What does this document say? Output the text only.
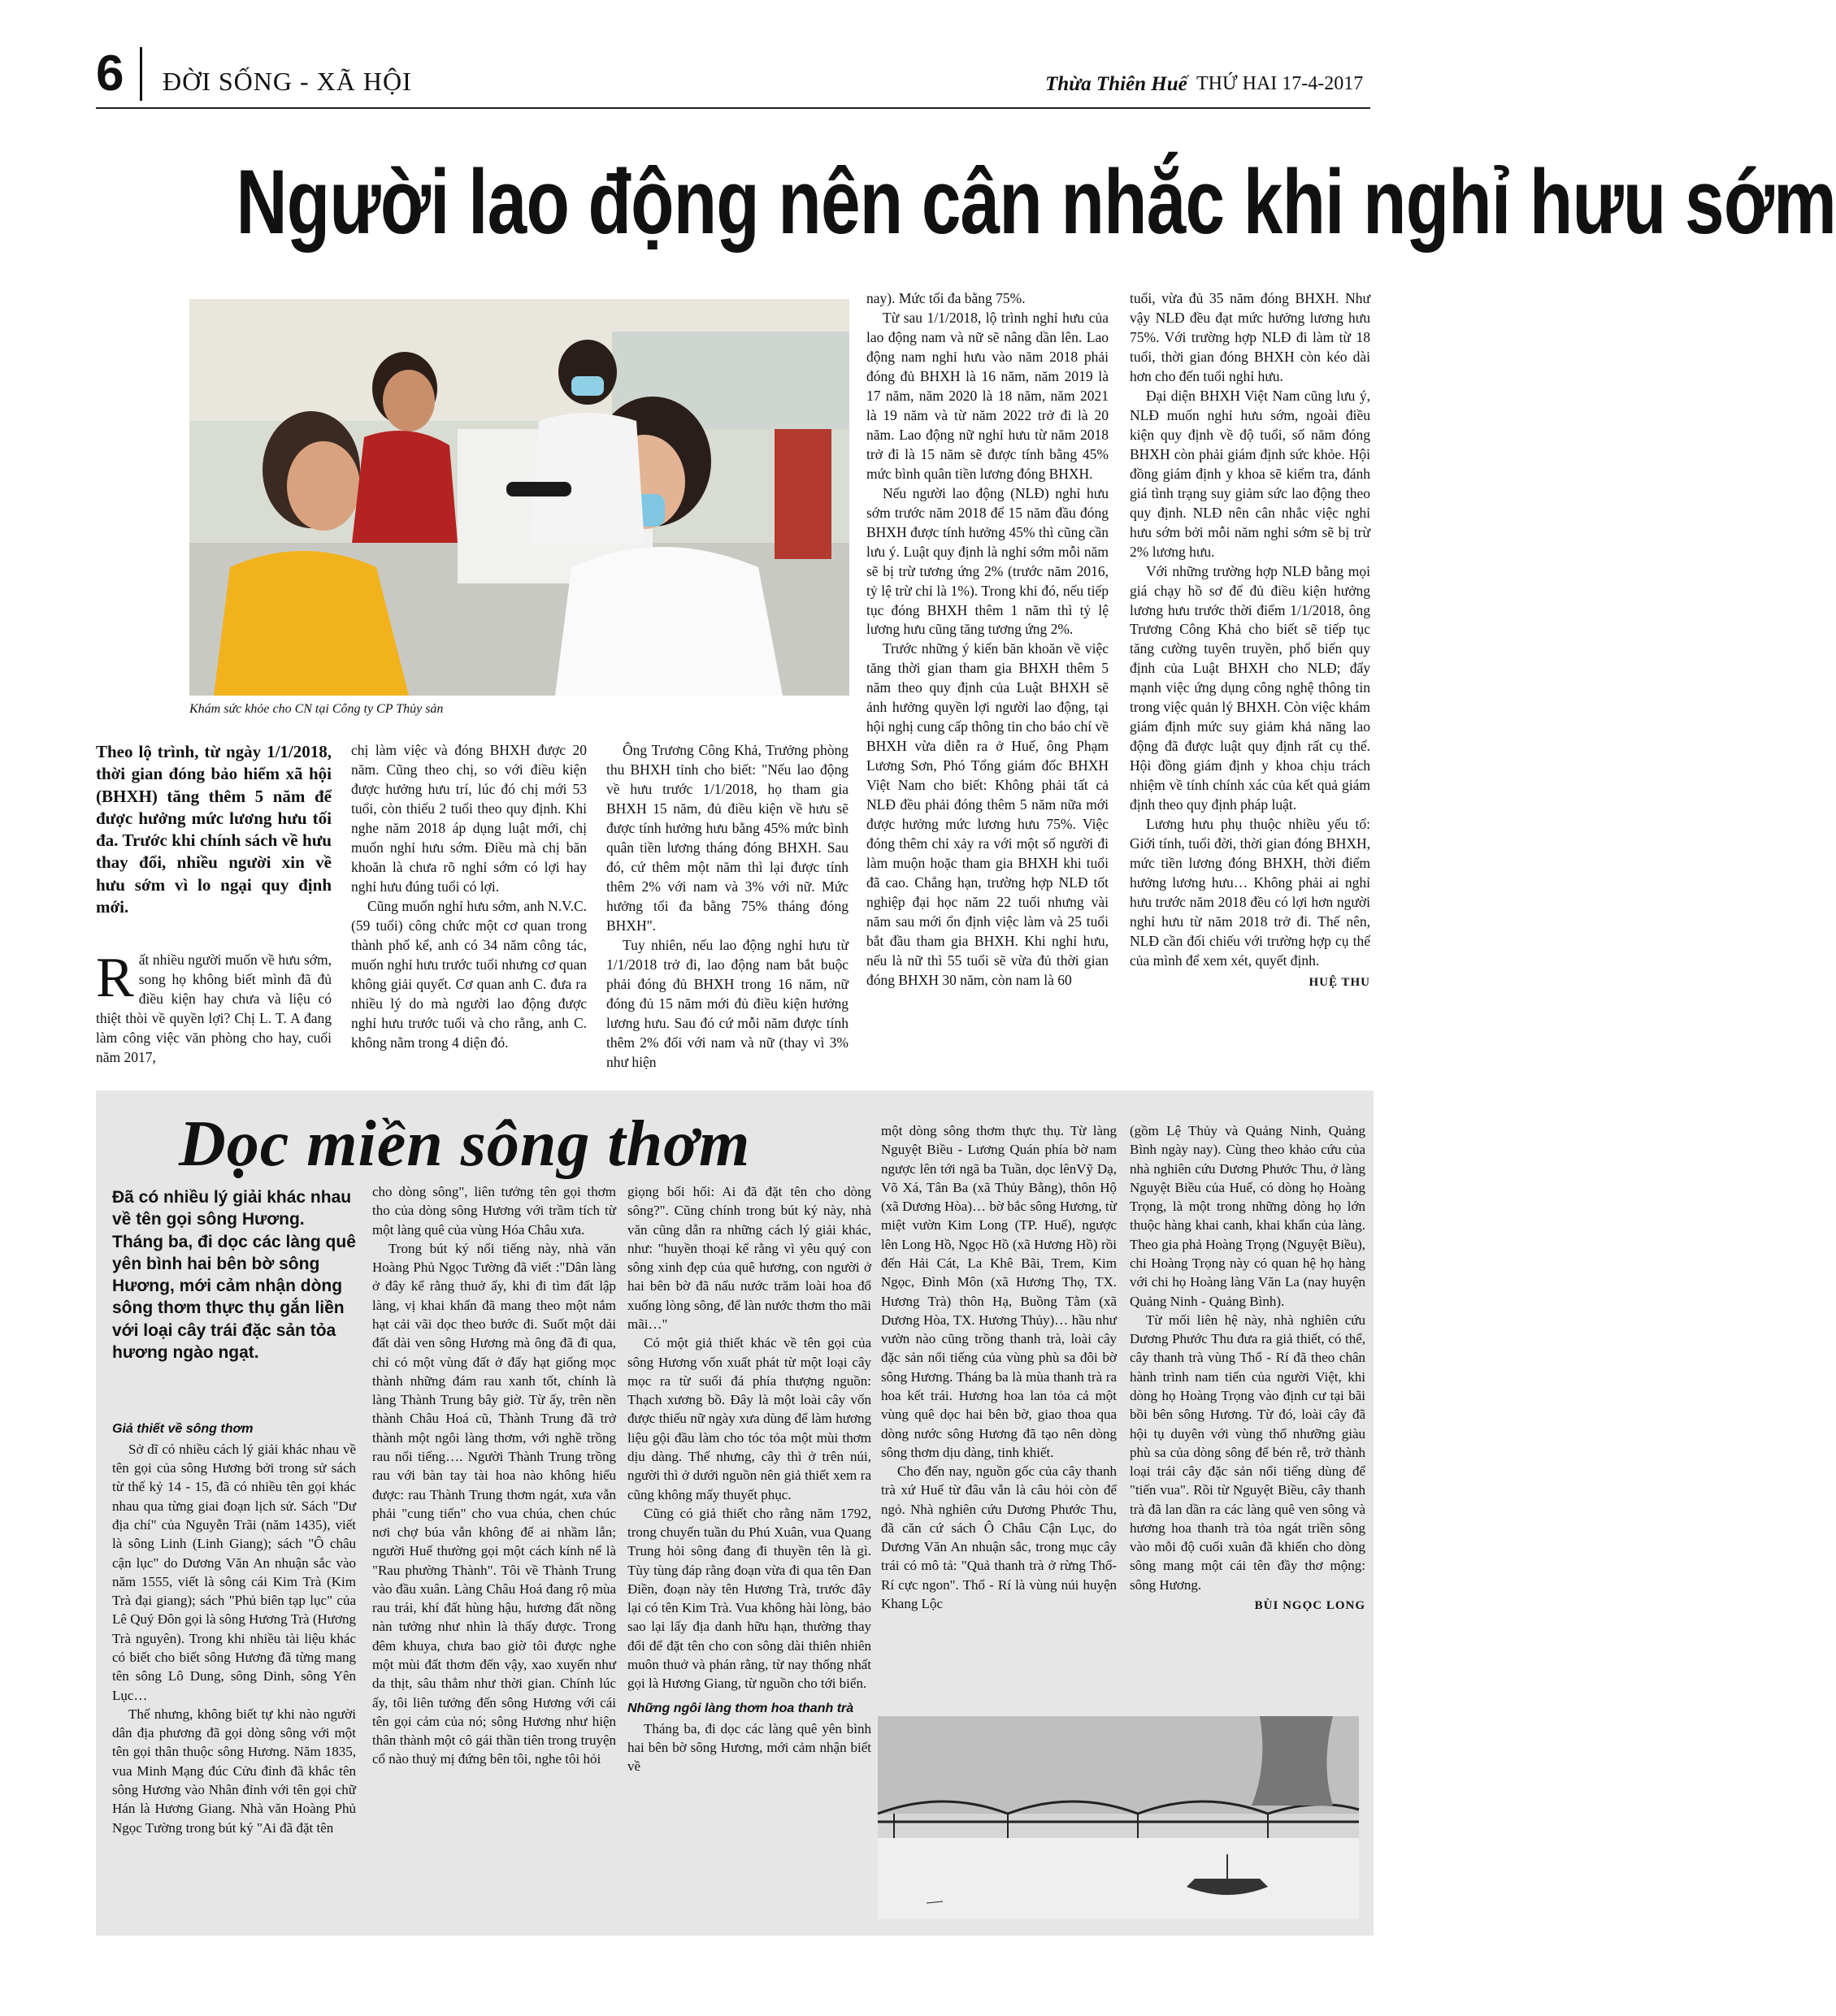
6 ĐỜI SỐNG - XÃ HỘI	Thừa Thiên Huế THỨ HAI 17-4-2017
Người lao động nên cân nhắc khi nghỉ hưu sớm
Khám sức khỏe cho CN tại Công ty CP Thủy sản
Theo lộ trình, từ ngày 1/1/2018, thời gian đóng bảo hiểm xã hội (BHXH) tăng thêm 5 năm để được hưởng mức lương hưu tối đa. Trước khi chính sách về hưu thay đổi, nhiều người xin về hưu sớm vì lo ngại quy định mới.

Rất nhiều người muốn về hưu sớm, song họ không biết mình đã đủ điều kiện hay chưa và liệu có thiệt thòi về quyền lợi? Chị L. T. A đang làm công việc văn phòng cho hay, cuối năm 2017,

chị làm việc và đóng BHXH được 20 năm. Cũng theo chị, so với điều kiện được hưởng hưu trí, lúc đó chị mới 53 tuổi, còn thiếu 2 tuổi theo quy định. Khi nghe năm 2018 áp dụng luật mới, chị muốn nghỉ hưu sớm. Điều mà chị băn khoăn là chưa rõ nghỉ sớm có lợi hay nghỉ hưu đúng tuổi có lợi.

Cũng muốn nghỉ hưu sớm, anh N.V.C. (59 tuổi) công chức một cơ quan trong thành phố kể, anh có 34 năm công tác, muốn nghỉ hưu trước tuổi nhưng cơ quan không giải quyết. Cơ quan anh C. đưa ra nhiều lý do mà người lao động được nghỉ hưu trước tuổi và cho rằng, anh C. không nằm trong 4 diện đó.

Ông Trương Công Khả, Trưởng phòng thu BHXH tỉnh cho biết: "Nếu lao động về hưu trước 1/1/2018, họ tham gia BHXH 15 năm, đủ điều kiện về hưu sẽ được tính hưởng hưu bằng 45% mức bình quân tiền lương tháng đóng BHXH. Sau đó, cứ thêm một năm thì lại được tính thêm 2% với nam và 3% với nữ. Mức hưởng tối đa bằng 75% tháng đóng BHXH".

Tuy nhiên, nếu lao động nghỉ hưu từ 1/1/2018 trở đi, lao động nam bắt buộc phải đóng đủ BHXH trong 16 năm, nữ đóng đủ 15 năm mới đủ điều kiện hưởng lương hưu. Sau đó cứ mỗi năm được tính thêm 2% đối với nam và nữ (thay vì 3% như hiện

nay). Mức tối đa bằng 75%.

Từ sau 1/1/2018, lộ trình nghỉ hưu của lao động nam và nữ sẽ nâng dần lên. Lao động nam nghỉ hưu vào năm 2018 phải đóng đủ BHXH là 16 năm, năm 2019 là 17 năm, năm 2020 là 18 năm, năm 2021 là 19 năm và từ năm 2022 trở đi là 20 năm. Lao động nữ nghỉ hưu từ năm 2018 trở đi là 15 năm sẽ được tính bằng 45% mức bình quân tiền lương đóng BHXH.

Nếu người lao động (NLĐ) nghỉ hưu sớm trước năm 2018 để 15 năm đầu đóng BHXH được tính hưởng 45% thì cũng cần lưu ý. Luật quy định là nghỉ sớm mỗi năm sẽ bị trừ tương ứng 2% (trước năm 2016, tỷ lệ trừ chỉ là 1%). Trong khi đó, nếu tiếp tục đóng BHXH thêm 1 năm thì tỷ lệ lương hưu cũng tăng tương ứng 2%.

Trước những ý kiến băn khoăn về việc tăng thời gian tham gia BHXH thêm 5 năm theo quy định của Luật BHXH sẽ ảnh hưởng quyền lợi người lao động, tại hội nghị cung cấp thông tin cho báo chí về BHXH vừa diễn ra ở Huế, ông Phạm Lương Sơn, Phó Tổng giám đốc BHXH Việt Nam cho biết: Không phải tất cả NLĐ đều phải đóng thêm 5 năm nữa mới được hưởng mức lương hưu 75%. Việc đóng thêm chỉ xảy ra với một số người đi làm muộn hoặc tham gia BHXH khi tuổi đã cao. Chẳng hạn, trường hợp NLĐ tốt nghiệp đại học năm 22 tuổi nhưng vài năm sau mới ổn định việc làm và 25 tuổi bắt đầu tham gia BHXH. Khi nghỉ hưu, nếu là nữ thì 55 tuổi sẽ vừa đủ thời gian đóng BHXH 30 năm, còn nam là 60

tuổi, vừa đủ 35 năm đóng BHXH. Như vậy NLĐ đều đạt mức hưởng lương hưu 75%. Với trường hợp NLĐ đi làm từ 18 tuổi, thời gian đóng BHXH còn kéo dài hơn cho đến tuổi nghỉ hưu.

Đại diện BHXH Việt Nam cũng lưu ý, NLĐ muốn nghỉ hưu sớm, ngoài điều kiện quy định về độ tuổi, số năm đóng BHXH còn phải giám định sức khỏe. Hội đồng giám định y khoa sẽ kiểm tra, đánh giá tình trạng suy giảm sức lao động theo quy định. NLĐ nên cân nhắc việc nghỉ hưu sớm bởi mỗi năm nghỉ sớm sẽ bị trừ 2% lương hưu.

Với những trường hợp NLĐ bằng mọi giá chạy hồ sơ để đủ điều kiện hưởng lương hưu trước thời điểm 1/1/2018, ông Trương Công Khả cho biết sẽ tiếp tục tăng cường tuyên truyền, phổ biến quy định của Luật BHXH cho NLĐ; đẩy mạnh việc ứng dụng công nghệ thông tin trong việc quản lý BHXH. Còn việc khám giám định mức suy giảm khả năng lao động đã được luật quy định rất cụ thể. Hội đồng giám định y khoa chịu trách nhiệm về tính chính xác của kết quả giám định theo quy định pháp luật.

Lương hưu phụ thuộc nhiều yếu tố: Giới tính, tuổi đời, thời gian đóng BHXH, mức tiền lương đóng BHXH, thời điểm hưởng lương hưu… Không phải ai nghỉ hưu trước năm 2018 đều có lợi hơn người nghỉ hưu từ năm 2018 trở đi. Thế nên, NLĐ cần đối chiếu với trường hợp cụ thể của mình để xem xét, quyết định.

HUỆ THU
Dọc miền sông thơm
Đã có nhiều lý giải khác nhau về tên gọi sông Hương. Tháng ba, đi dọc các làng quê yên bình hai bên bờ sông Hương, mới cảm nhận dòng sông thơm thực thụ gắn liền với loại cây trái đặc sản tỏa hương ngào ngạt.
Giả thiết về sông thơm

Sở dĩ có nhiều cách lý giải khác nhau về tên gọi của sông Hương bởi trong sử sách từ thế kỷ 14 - 15, đã có nhiều tên gọi khác nhau qua từng giai đoạn lịch sử. Sách "Dư địa chí" của Nguyễn Trãi (năm 1435), viết là sông Linh (Linh Giang); sách "Ô châu cận lục" do Dương Văn An nhuận sắc vào năm 1555, viết là sông cái Kim Trà (Kim Trà đại giang); sách "Phủ biên tạp lục" của Lê Quý Đôn gọi là sông Hương Trà (Hương Trà nguyên). Trong khi nhiều tài liệu khác có biết cho biết sông Hương đã từng mang tên sông Lô Dung, sông Dinh, sông Yên Lục…

Thế nhưng, không biết tự khi nào người dân địa phương đã gọi dòng sông với một tên gọi thân thuộc sông Hương. Năm 1835, vua Minh Mạng đúc Cửu đỉnh đã khắc tên sông Hương vào Nhân đỉnh với tên gọi chữ Hán là Hương Giang. Nhà văn Hoàng Phủ Ngọc Tường trong bút ký "Ai đã đặt tên

cho dòng sông", liên tưởng tên gọi thơm tho của dòng sông Hương với trầm tích từ một làng quê của vùng Hóa Châu xưa.

Trong bút ký nổi tiếng này, nhà văn Hoàng Phủ Ngọc Tường đã viết :"Dân làng ở đây kể rằng thuở ấy, khi đi tìm đất lập làng, vị khai khẩn đã mang theo một nắm hạt cải vãi dọc theo bước đi. Suốt một dải đất dài ven sông Hương mà ông đã đi qua, chỉ có một vùng đất ở đấy hạt giống mọc thành những đám rau xanh tốt, chính là làng Thành Trung bây giờ. Từ ấy, trên nền thành Châu Hoá cũ, Thành Trung đã trở thành một ngôi làng thơm, với nghề trồng rau nổi tiếng…. Người Thành Trung trồng rau với bàn tay tài hoa nào không hiểu được: rau Thành Trung thơm ngát, xưa vẫn phải "cung tiến" cho vua chúa, chen chúc nơi chợ búa vẫn không để ai nhầm lẫn; người Huế thường gọi một cách kính nể là "Rau phường Thành". Tôi về Thành Trung vào đầu xuân. Làng Châu Hoá đang rộ mùa rau trái, khí đất hùng hậu, hương đất nồng nàn tưởng như nhìn là thấy được. Trong đêm khuya, chưa bao giờ tôi được nghe một mùi đất thơm đến vậy, xao xuyến như da thịt, sâu thẳm như thời gian. Chính lúc ấy, tôi liên tưởng đến sông Hương với cái tên gọi cảm của nó; sông Hương như hiện thân thành một cô gái thần tiên trong truyện cổ nào thuỷ mị đứng bên tôi, nghe tôi hỏi

giọng bối hối: Ai đã đặt tên cho dòng sông?". Cũng chính trong bút ký này, nhà văn cũng dẫn ra những cách lý giải khác, như: "huyền thoại kể rằng vì yêu quý con sông xinh đẹp của quê hương, con người ở hai bên bờ đã nấu nước trăm loài hoa đổ xuống lòng sông, để làn nước thơm tho mãi mãi…"

Có một giả thiết khác về tên gọi của sông Hương vốn xuất phát từ một loại cây mọc ra từ suối đá phía thượng nguồn: Thạch xương bồ. Đây là một loài cây vốn được thiếu nữ ngày xưa dùng để làm hương liệu gội đầu làm cho tóc tỏa một mùi thơm dịu dàng. Thế nhưng, cây thì ở trên núi, người thì ở dưới nguồn nên giả thiết xem ra cũng không mấy thuyết phục.

Cũng có giả thiết cho rằng năm 1792, trong chuyến tuần du Phú Xuân, vua Quang Trung hỏi sông đang đi thuyền tên là gì. Tùy tùng đáp rằng đoạn vừa đi qua tên Đan Điền, đoạn này tên Hương Trà, trước đây lại có tên Kim Trà. Vua không hài lòng, bảo sao lại lấy địa danh hữu hạn, thường thay đổi để đặt tên cho con sông dài thiên nhiên muôn thuở và phán rằng, từ nay thống nhất gọi là Hương Giang, từ nguồn cho tới biển.

Những ngôi làng thơm hoa thanh trà

Tháng ba, đi dọc các làng quê yên bình hai bên bờ sông Hương, mới cảm nhận biết về

một dòng sông thơm thực thụ. Từ làng Nguyệt Biều - Lương Quán phía bờ nam ngược lên tới ngã ba Tuần, dọc lênVỹ Dạ, Võ Xá, Tân Ba (xã Thủy Bằng), thôn Hộ (xã Dương Hòa)… bờ bắc sông Hương, từ miệt vườn Kim Long (TP. Huế), ngược lên Long Hồ, Ngọc Hồ (xã Hương Hồ) rồi đến Hải Cát, La Khê Bãi, Trem, Kim Ngọc, Đình Môn (xã Hương Thọ, TX. Hương Trà) thôn Hạ, Buồng Tằm (xã Dương Hòa, TX. Hương Thủy)… hầu như vườn nào cũng trồng thanh trà, loài cây đặc sản nổi tiếng của vùng phù sa đôi bờ sông Hương. Tháng ba là mùa thanh trà ra hoa kết trái. Hương hoa lan tỏa cả một vùng quê dọc hai bên bờ, giao thoa qua dòng nước sông Hương đã tạo nên dòng sông thơm dịu dàng, tinh khiết.

Cho đến nay, nguồn gốc của cây thanh trà xứ Huế từ đâu vẫn là câu hỏi còn để ngỏ. Nhà nghiên cứu Dương Phước Thu, đã căn cứ sách Ô Châu Cận Lục, do Dương Văn An nhuận sắc, trong mục cây trái có mô tả: "Quả thanh trà ở rừng Thổ- Rí cực ngon". Thổ - Rí là vùng núi huyện Khang Lộc

(gồm Lệ Thủy và Quảng Ninh, Quảng Bình ngày nay). Cùng theo khảo cứu của nhà nghiên cứu Dương Phước Thu, ở làng Nguyệt Biều của Huế, có dòng họ Hoàng Trọng, là một trong những dòng họ lớn thuộc hàng khai canh, khai khẩn của làng. Theo gia phả Hoàng Trọng (Nguyệt Biều), chi Hoàng Trọng này có quan hệ họ hàng với chi họ Hoàng làng Văn La (nay huyện Quảng Ninh - Quảng Bình).

Từ mối liên hệ này, nhà nghiên cứu Dương Phước Thu đưa ra giả thiết, có thể, cây thanh trà vùng Thổ - Rí đã theo chân hành trình nam tiến của người Việt, khi dòng họ Hoàng Trọng vào định cư tại bãi bồi bên sông Hương. Từ đó, loài cây đã hội tụ duyên với vùng thổ nhưỡng giàu phù sa của dòng sông để bén rễ, trở thành loại trái cây đặc sản nổi tiếng dùng để "tiến vua". Rồi từ Nguyệt Biều, cây thanh trà đã lan dần ra các làng quê ven sông và hương hoa thanh trà tỏa ngát triền sông vào mỗi độ cuối xuân đã khiến cho dòng sông mang một cái tên đầy thơ mộng: sông Hương.

BÙI NGỌC LONG
